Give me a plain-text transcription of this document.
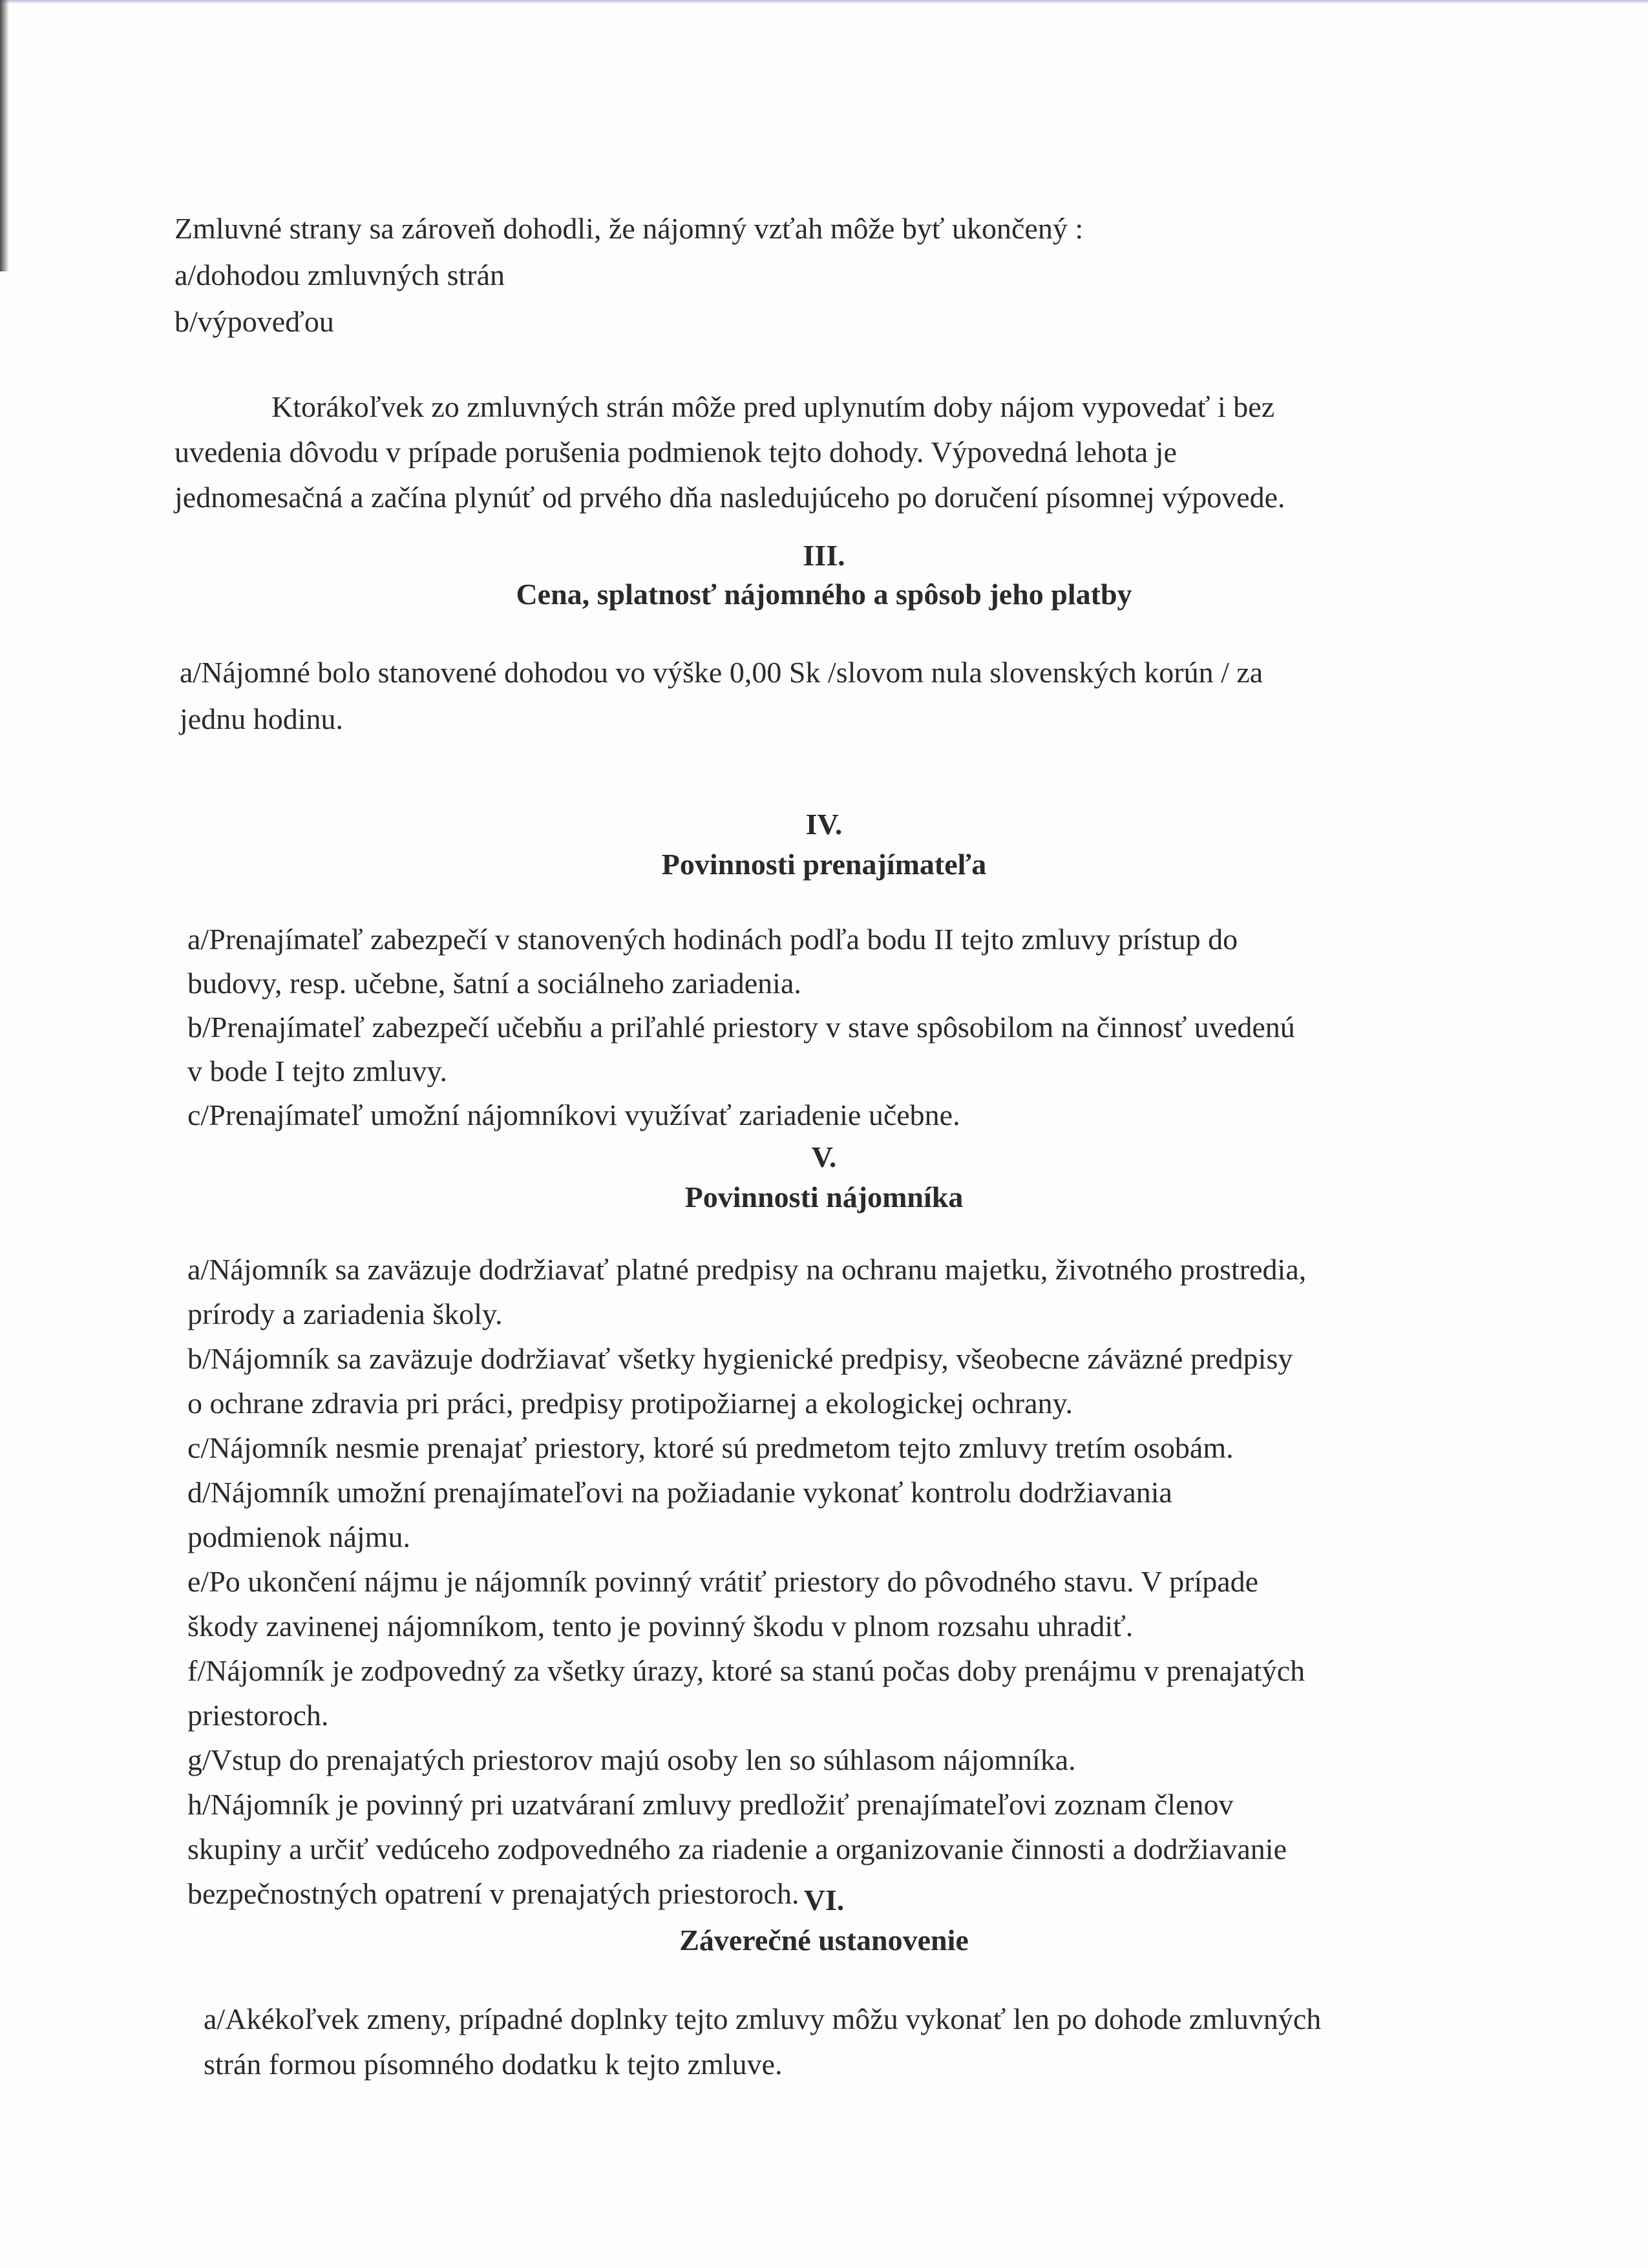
Zmluvné strany sa zároveň dohodli, že nájomný vzťah môže byť ukončený :
a/dohodou zmluvných strán
b/výpoveďou
Ktorákoľvek zo zmluvných strán môže pred uplynutím doby nájom vypovedať i bez
uvedenia dôvodu v prípade porušenia podmienok tejto dohody. Výpovedná lehota je
jednomesačná a začína plynúť od prvého dňa nasledujúceho po doručení písomnej výpovede.
III.
Cena, splatnosť nájomného a spôsob jeho platby
a/Nájomné bolo stanovené dohodou vo výške 0,00 Sk /slovom nula slovenských korún / za
jednu hodinu.
IV.
Povinnosti prenajímateľa
a/Prenajímateľ zabezpečí v stanovených hodinách podľa bodu II tejto zmluvy prístup do
budovy, resp. učebne, šatní a sociálneho zariadenia.
b/Prenajímateľ zabezpečí učebňu a priľahlé priestory v stave spôsobilom na činnosť uvedenú
v bode I tejto zmluvy.
c/Prenajímateľ umožní nájomníkovi využívať zariadenie učebne.
V.
Povinnosti nájomníka
a/Nájomník sa zaväzuje dodržiavať platné predpisy na ochranu majetku, životného prostredia,
prírody a zariadenia školy.
b/Nájomník sa zaväzuje dodržiavať všetky hygienické predpisy, všeobecne záväzné predpisy
o ochrane zdravia pri práci, predpisy protipožiarnej a ekologickej ochrany.
c/Nájomník nesmie prenajať priestory, ktoré sú predmetom tejto zmluvy tretím osobám.
d/Nájomník umožní prenajímateľovi na požiadanie vykonať kontrolu dodržiavania
podmienok nájmu.
e/Po ukončení nájmu je nájomník povinný vrátiť priestory do pôvodného stavu. V prípade
škody zavinenej nájomníkom, tento je povinný škodu v plnom rozsahu uhradiť.
f/Nájomník je zodpovedný za všetky úrazy, ktoré sa stanú počas doby prenájmu v prenajatých
priestoroch.
g/Vstup do prenajatých priestorov majú osoby len so súhlasom nájomníka.
h/Nájomník je povinný pri uzatváraní zmluvy predložiť prenajímateľovi zoznam členov
skupiny a určiť vedúceho zodpovedného za riadenie a organizovanie činnosti a dodržiavanie
bezpečnostných opatrení v prenajatých priestoroch. VI.
Záverečné ustanovenie
a/Akékoľvek zmeny, prípadné doplnky tejto zmluvy môžu vykonať len po dohode zmluvných
strán formou písomného dodatku k tejto zmluve.
